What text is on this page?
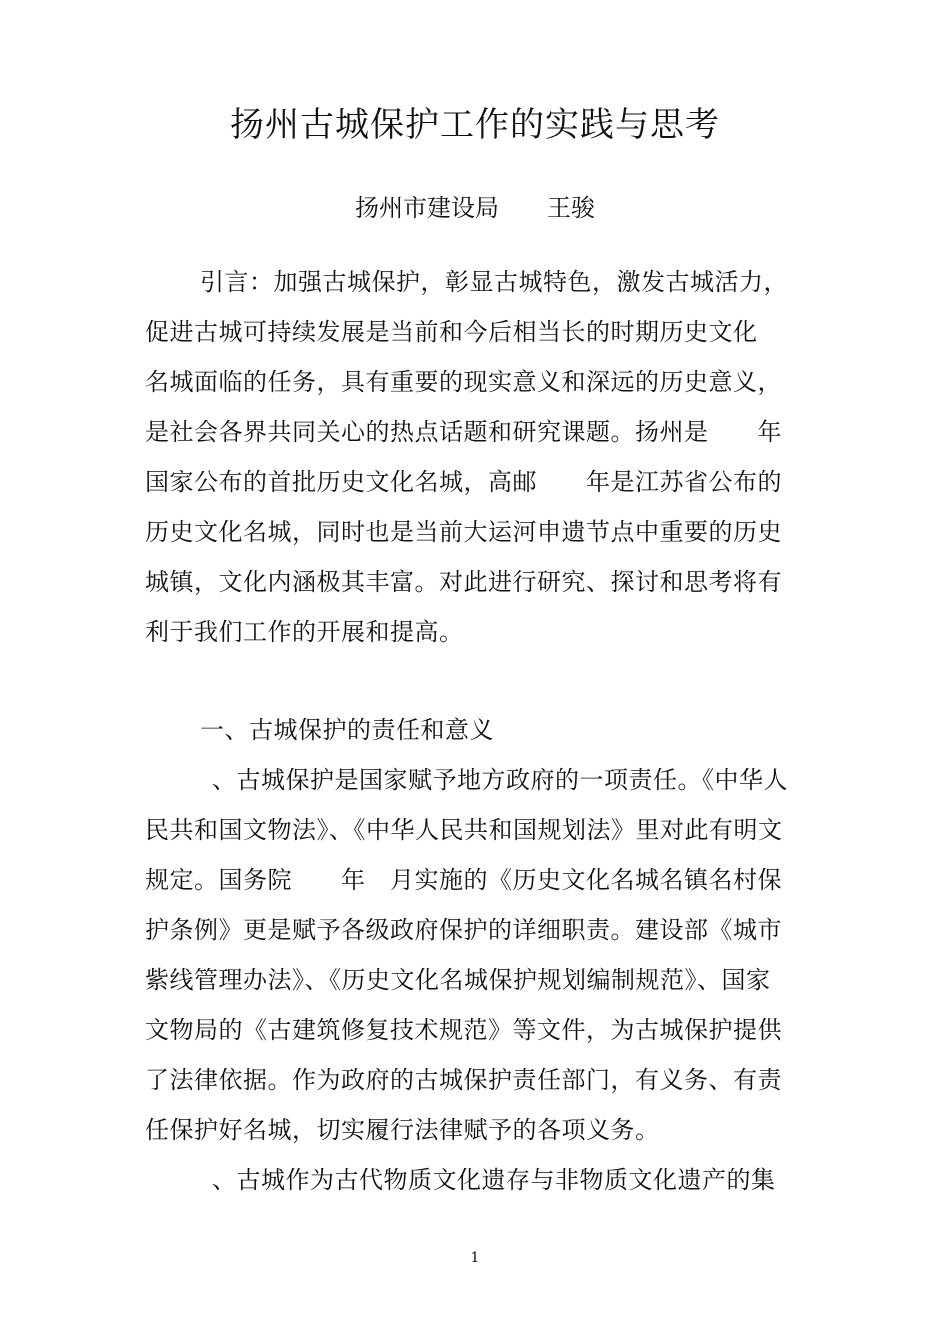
扬州古城保护工作的实践与思考
扬州市建设局 王骏
引言：加强古城保护，彰显古城特色，激发古城活力，
促进古城可持续发展是当前和今后相当长的时期历史文化
名城面临的任务，具有重要的现实意义和深远的历史意义，
是社会各界共同关心的热点话题和研究课题。扬州是　　年
国家公布的首批历史文化名城，高邮　　年是江苏省公布的
历史文化名城，同时也是当前大运河申遗节点中重要的历史
城镇，文化内涵极其丰富。对此进行研究、探讨和思考将有
利于我们工作的开展和提高。
一、古城保护的责任和意义
、古城保护是国家赋予地方政府的一项责任。《中华人
民共和国文物法》、《中华人民共和国规划法》里对此有明文
规定。国务院　　年　月实施的《历史文化名城名镇名村保
护条例》更是赋予各级政府保护的详细职责。建设部《城市
紫线管理办法》、《历史文化名城保护规划编制规范》、国家
文物局的《古建筑修复技术规范》等文件，为古城保护提供
了法律依据。作为政府的古城保护责任部门，有义务、有责
任保护好名城，切实履行法律赋予的各项义务。
、古城作为古代物质文化遗存与非物质文化遗产的集
1
